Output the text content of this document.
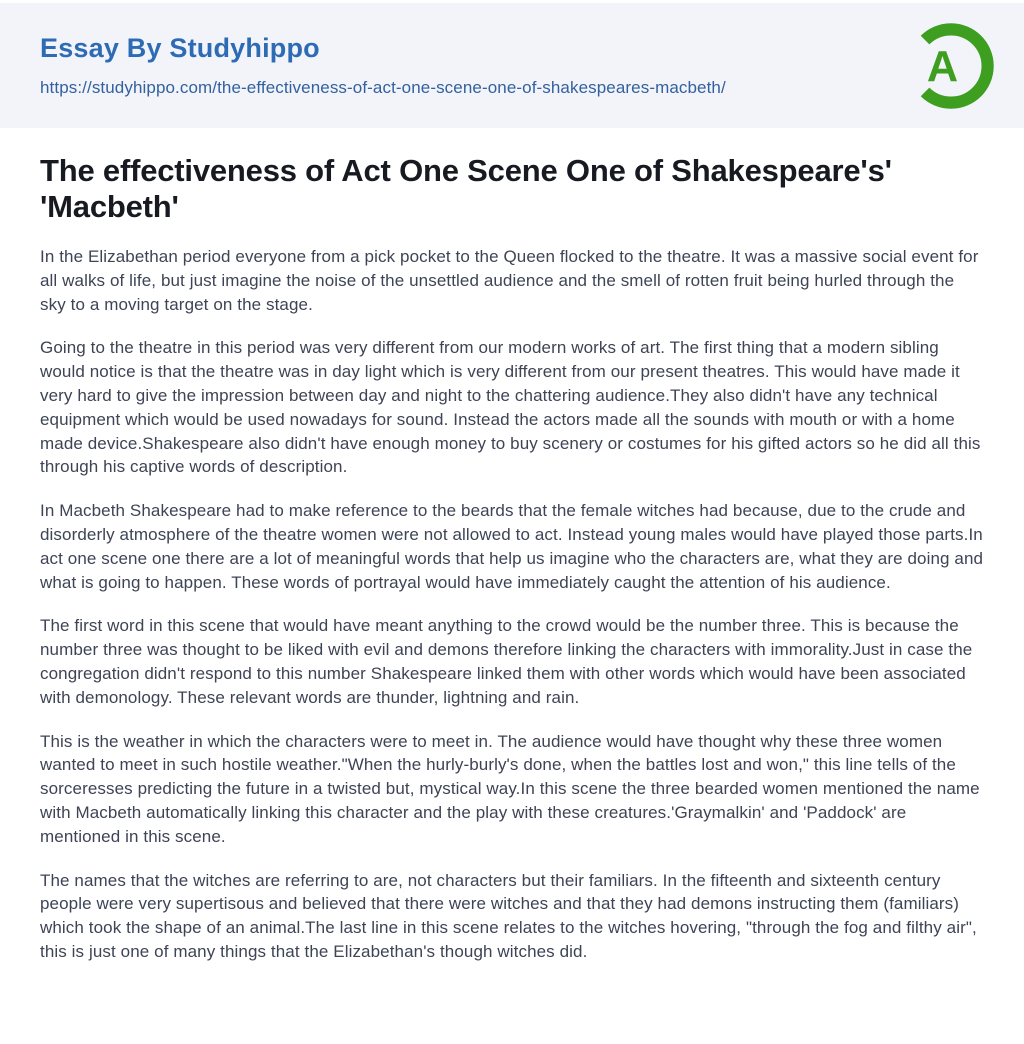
Essay By Studyhippo
https://studyhippo.com/the-effectiveness-of-act-one-scene-one-of-shakespeares-macbeth/	A
The effectiveness of Act One Scene One of Shakespeare's' 'Macbeth'

In the Elizabethan period everyone from a pick pocket to the Queen flocked to the theatre. It was a massive social event for all walks of life, but just imagine the noise of the unsettled audience and the smell of rotten fruit being hurled through the sky to a moving target on the stage.

Going to the theatre in this period was very different from our modern works of art. The first thing that a modern sibling would notice is that the theatre was in day light which is very different from our present theatres. This would have made it very hard to give the impression between day and night to the chattering audience.They also didn't have any technical equipment which would be used nowadays for sound. Instead the actors made all the sounds with mouth or with a home made device.Shakespeare also didn't have enough money to buy scenery or costumes for his gifted actors so he did all this through his captive words of description.

In Macbeth Shakespeare had to make reference to the beards that the female witches had because, due to the crude and disorderly atmosphere of the theatre women were not allowed to act. Instead young males would have played those parts.In act one scene one there are a lot of meaningful words that help us imagine who the characters are, what they are doing and what is going to happen. These words of portrayal would have immediately caught the attention of his audience.

The first word in this scene that would have meant anything to the crowd would be the number three. This is because the number three was thought to be liked with evil and demons therefore linking the characters with immorality.Just in case the congregation didn't respond to this number Shakespeare linked them with other words which would have been associated with demonology. These relevant words are thunder, lightning and rain.

This is the weather in which the characters were to meet in. The audience would have thought why these three women wanted to meet in such hostile weather."When the hurly-burly's done, when the battles lost and won," this line tells of the sorceresses predicting the future in a twisted but, mystical way.In this scene the three bearded women mentioned the name with Macbeth automatically linking this character and the play with these creatures.'Graymalkin' and 'Paddock' are mentioned in this scene.

The names that the witches are referring to are, not characters but their familiars. In the fifteenth and sixteenth century people were very supertisous and believed that there were witches and that they had demons instructing them (familiars) which took the shape of an animal.The last line in this scene relates to the witches hovering, "through the fog and filthy air", this is just one of many things that the Elizabethan's though witches did.
